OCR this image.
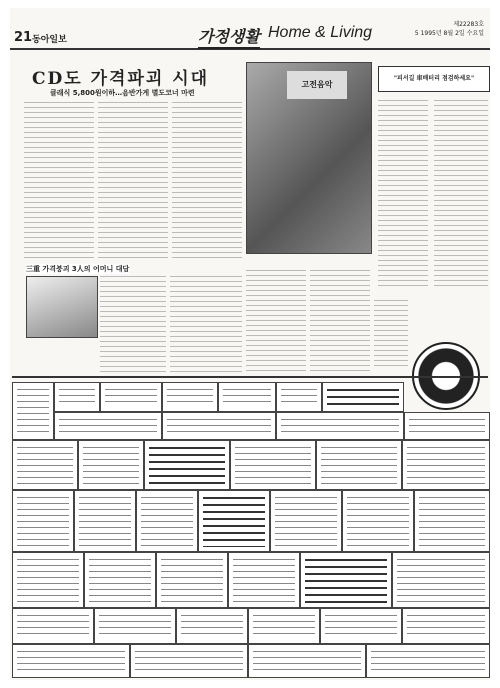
21 동아일보	가정생활 Home & Living	제22283호
5 1995년 8월 2일 수요일
CD도 가격파괴 시대
클래식 5,800원이하…음반가게 별도코너 마련
고전음악
"피서길 車배터리 점검하세요"
三重 가격붕괴 3人의 어머니 대담
